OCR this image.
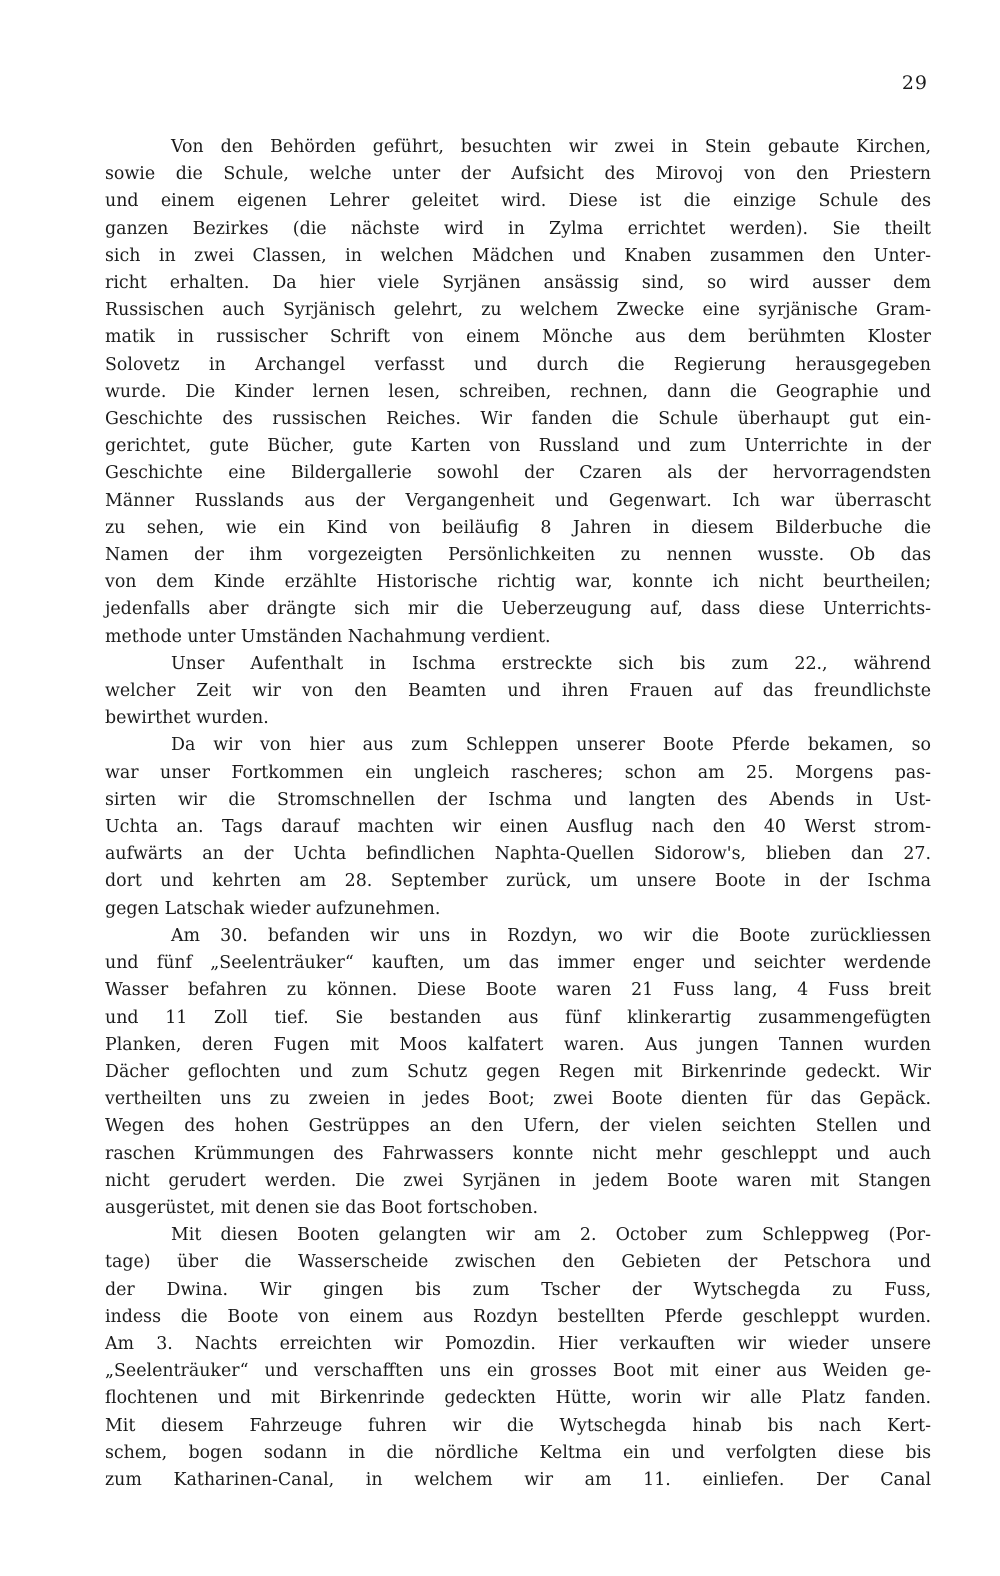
29

Von den Behörden geführt, besuchten wir zwei in Stein gebaute Kirchen,
sowie die Schule, welche unter der Aufsicht des Mirovoj von den Priestern
und einem eigenen Lehrer geleitet wird. Diese ist die einzige Schule des
ganzen Bezirkes (die nächste wird in Zylma errichtet werden). Sie theilt
sich in zwei Classen, in welchen Mädchen und Knaben zusammen den Unter-
richt erhalten. Da hier viele Syrjänen ansässig sind, so wird ausser dem
Russischen auch Syrjänisch gelehrt, zu welchem Zwecke eine syrjänische Gram-
matik in russischer Schrift von einem Mönche aus dem berühmten Kloster
Solovetz in Archangel verfasst und durch die Regierung herausgegeben
wurde. Die Kinder lernen lesen, schreiben, rechnen, dann die Geographie und
Geschichte des russischen Reiches. Wir fanden die Schule überhaupt gut ein-
gerichtet, gute Bücher, gute Karten von Russland und zum Unterrichte in der
Geschichte eine Bildergallerie sowohl der Czaren als der hervorragendsten
Männer Russlands aus der Vergangenheit und Gegenwart. Ich war überrascht
zu sehen, wie ein Kind von beiläufig 8 Jahren in diesem Bilderbuche die
Namen der ihm vorgezeigten Persönlichkeiten zu nennen wusste. Ob das
von dem Kinde erzählte Historische richtig war, konnte ich nicht beurtheilen;
jedenfalls aber drängte sich mir die Ueberzeugung auf, dass diese Unterrichts-
methode unter Umständen Nachahmung verdient.

Unser Aufenthalt in Ischma erstreckte sich bis zum 22., während
welcher Zeit wir von den Beamten und ihren Frauen auf das freundlichste
bewirthet wurden.

Da wir von hier aus zum Schleppen unserer Boote Pferde bekamen, so
war unser Fortkommen ein ungleich rascheres; schon am 25. Morgens pas-
sirten wir die Stromschnellen der Ischma und langten des Abends in Ust-
Uchta an. Tags darauf machten wir einen Ausflug nach den 40 Werst strom-
aufwärts an der Uchta befindlichen Naphta-Quellen Sidorow's, blieben dan 27.
dort und kehrten am 28. September zurück, um unsere Boote in der Ischma
gegen Latschak wieder aufzunehmen.

Am 30. befanden wir uns in Rozdyn, wo wir die Boote zurückliessen
und fünf „Seelenträuker“ kauften, um das immer enger und seichter werdende
Wasser befahren zu können. Diese Boote waren 21 Fuss lang, 4 Fuss breit
und 11 Zoll tief. Sie bestanden aus fünf klinkerartig zusammengefügten
Planken, deren Fugen mit Moos kalfatert waren. Aus jungen Tannen wurden
Dächer geflochten und zum Schutz gegen Regen mit Birkenrinde gedeckt. Wir
vertheilten uns zu zweien in jedes Boot; zwei Boote dienten für das Gepäck.
Wegen des hohen Gestrüppes an den Ufern, der vielen seichten Stellen und
raschen Krümmungen des Fahrwassers konnte nicht mehr geschleppt und auch
nicht gerudert werden. Die zwei Syrjänen in jedem Boote waren mit Stangen
ausgerüstet, mit denen sie das Boot fortschoben.

Mit diesen Booten gelangten wir am 2. October zum Schleppweg (Por-
tage) über die Wasserscheide zwischen den Gebieten der Petschora und
der Dwina. Wir gingen bis zum Tscher der Wytschegda zu Fuss,
indess die Boote von einem aus Rozdyn bestellten Pferde geschleppt wurden.
Am 3. Nachts erreichten wir Pomozdin. Hier verkauften wir wieder unsere
„Seelenträuker“ und verschafften uns ein grosses Boot mit einer aus Weiden ge-
flochtenen und mit Birkenrinde gedeckten Hütte, worin wir alle Platz fanden.
Mit diesem Fahrzeuge fuhren wir die Wytschegda hinab bis nach Kert-
schem, bogen sodann in die nördliche Keltma ein und verfolgten diese bis
zum Katharinen-Canal, in welchem wir am 11. einliefen. Der Canal
